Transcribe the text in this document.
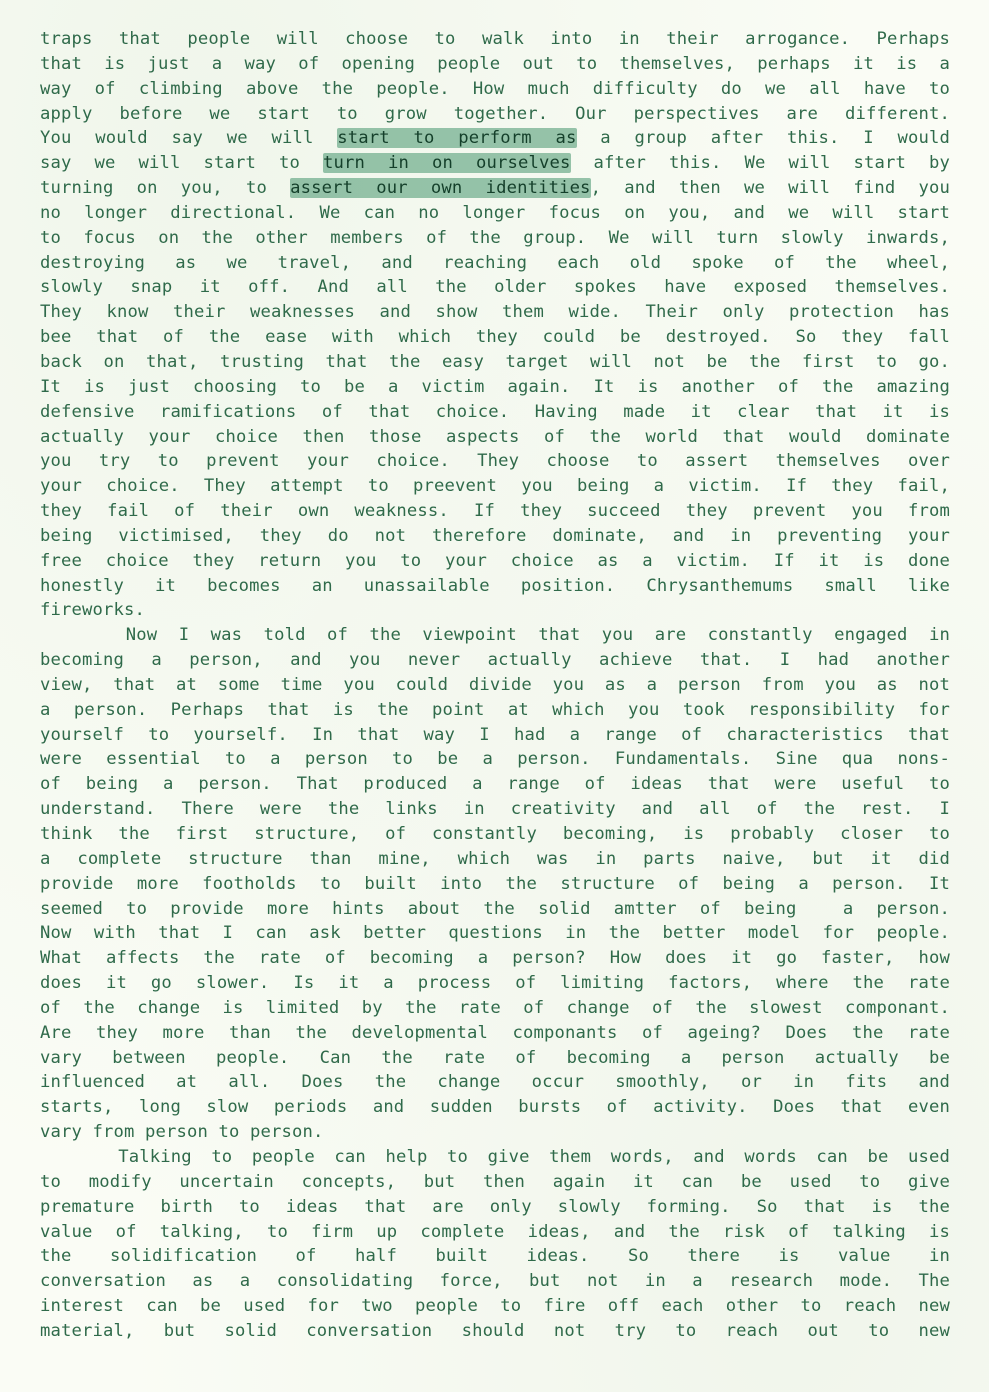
traps that people will choose to walk into in their arrogance. Perhaps
that is just a way of opening people out to themselves, perhaps it is a
way of climbing above the people. How much difficulty do we all have to
apply before we start to grow together. Our perspectives are different.
You would say we will start to perform as a group after this. I would
say we will start to turn in on ourselves after this. We will start by
turning on you, to assert our own identities, and then we will find you
no longer directional. We can no longer focus on you, and we will start
to focus on the other members of the group. We will turn slowly inwards,
destroying as we travel, and reaching each old spoke of the wheel,
slowly snap it off. And all the older spokes have exposed themselves.
They know their weaknesses and show them wide. Their only protection has
bee that of the ease with which they could be destroyed. So they fall
back on that, trusting that the easy target will not be the first to go.
It is just choosing to be a victim again. It is another of the amazing
defensive ramifications of that choice. Having made it clear that it is
actually your choice then those aspects of the world that would dominate
you try to prevent your choice. They choose to assert themselves over
your choice. They attempt to preevent you being a victim. If they fail,
they fail of their own weakness. If they succeed they prevent you from
being victimised, they do not therefore dominate, and in preventing your
free choice they return you to your choice as a victim. If it is done
honestly it becomes an unassailable position. Chrysanthemums small like
fireworks.
Now I was told of the viewpoint that you are constantly engaged in
becoming a person, and you never actually achieve that. I had another
view, that at some time you could divide you as a person from you as not
a person. Perhaps that is the point at which you took responsibility for
yourself to yourself. In that way I had a range of characteristics that
were essential to a person to be a person. Fundamentals. Sine qua nons-
of being a person. That produced a range of ideas that were useful to
understand. There were the links in creativity and all of the rest. I
think the first structure, of constantly becoming, is probably closer to
a complete structure than mine, which was in parts naive, but it did
provide more footholds to built into the structure of being a person. It
seemed to provide more hints about the solid amtter of being  a person.
Now with that I can ask better questions in the better model for people.
What affects the rate of becoming a person? How does it go faster, how
does it go slower. Is it a process of limiting factors, where the rate
of the change is limited by the rate of change of the slowest componant.
Are they more than the developmental componants of ageing? Does the rate
vary between people. Can the rate of becoming a person actually be
influenced at all. Does the change occur smoothly, or in fits and
starts, long slow periods and sudden bursts of activity. Does that even
vary from person to person.
Talking to people can help to give them words, and words can be used
to modify uncertain concepts, but then again it can be used to give
premature birth to ideas that are only slowly forming. So that is the
value of talking, to firm up complete ideas, and the risk of talking is
the solidification of half built ideas. So there is value in
conversation as a consolidating force, but not in a research mode. The
interest can be used for two people to fire off each other to reach new
material, but solid conversation should not try to reach out to new
